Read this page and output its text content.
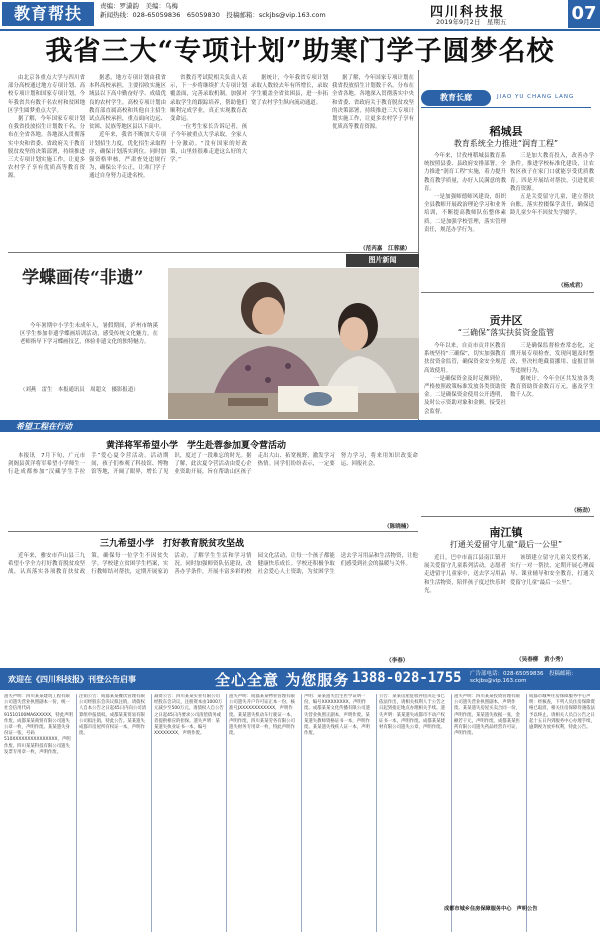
教育帮扶	责编：罗潇韵　美编：乌梅
新闻热线：028-65059836　65059830　投稿邮箱：sckjbs@vip.163.com	四川科技报
2019年9月2日　星期五	07
我省三大“专项计划”助寒门学子圆梦名校

由北京各重点大学与四川省部分高校通过地方专项计划、高校专项计划和国家专项计划，今年我省共有数千名农村和贫困地区学生圆梦重点大学。

据了解，今年国家专项计划在我省投放招生计划数千名，分布在全省各地。各地深入贯彻落实中央和省委、省政府关于教育脱贫攻坚的决策部署，持续推进三大专项计划实施工作，让更多农村学子享有优质高等教育资源。

据悉，地方专项计划由我省本科高校承担，主要招收实施区域县以下高中勤奋好学、成绩优良的农村学生。高校专项计划由教育部直属高校和其他自主招生试点高校承担，重点面向边远、贫困、民族等地区县以下高中。

近年来，我省不断加大专项计划招生力度，优化招生录取程序，确保计划落实到位。同时加强资格审核，严肃查处违规行为，确保公平公正，让寒门学子通过自身努力走进名校。

省教育考试院相关负责人表示，下一步将继续扩大专项计划覆盖面，完善录取机制，加强对录取学生的跟踪培养，帮助他们顺利完成学业，真正实现教育改变命运。

一位考生家长告诉记者，孩子今年被重点大学录取，全家人十分激动。“没有国家的好政策，山里娃很难走进这么好的大学。”

据统计，今年我省专项计划录取人数较去年有所增长，录取学生覆盖全省贫困县，进一步拓宽了农村学生纵向流动通道。

据了解，今年国家专项计划在我省投放招生计划数千名，分布在全省各地。各地深入贯彻落实中央和省委、省政府关于教育脱贫攻坚的决策部署，持续推进三大专项计划实施工作，让更多农村学子享有优质高等教育资源。

（范芮嘉　江蓉涵）
教育长廊	JIAO YU CHANG LANG
稻城县
教育系统全力推进“润育工程”

今年来，甘孜州稻城县教育系统按照县委、县政府安排部署，全力推进“润育工程”实施，着力提升教育教学质量，办好人民满意的教育。

一是加强师德师风建设，组织全县教师开展政治理论学习和业务培训，不断提高教师队伍整体素质。二是加强学校管理，落实管理责任，规范办学行为。

三是加大教育投入，改善办学条件，推进学校标准化建设，让农牧区孩子在家门口就能享受优质教育。四是开展结对帮扶，引进优质教育资源。

五是关爱留守儿童，建立帮扶台账，落实控辍保学责任，确保适龄儿童少年不因贫失学辍学。

（杨成君）
贡井区
“三确保”落实扶贫资金监管

今年以来，自贡市贡井区教育系统坚持“三确保”，切实加强教育扶贫资金监管，确保资金安全规范高效使用。

一是确保资金及时足额到位，严格按照政策标准发放各类资助资金。二是确保资金使用公开透明，及时公示资助对象和金额，接受社会监督。

三是确保监督检查常态化，定期开展专项检查，发现问题及时整改，坚决杜绝截留挪用、虚报冒领等违规行为。

据统计，今年全区共发放各类教育资助资金数百万元，惠及学生数千人次。

（杨劲）
南江镇
打通关爱留守儿童“最后一公里”

近日，巴中市南江县南江镇开展关爱留守儿童系列活动，志愿者走进留守儿童家中，送去学习用品和生活物资，陪伴孩子度过快乐时光。

该镇建立留守儿童关爱档案，实行一对一帮扶，定期开展心理疏导、课业辅导和安全教育，打通关爱留守儿童“最后一公里”。

（吴春柳　黄小秀）
图片新闻
学蝶画传“非遗”

今年暑期中小学生未成年人，暑假期间，泸州市纳溪区学生参加非遗学蝶画培训活动，感受传统文化魅力，在老师指导下学习蝶画技艺，体验非遗文化的独特魅力。

（刘燕　雷生　本报通讯员　周超文　摄影报道）

希望工程在行动
黄洋将军希望小学　学生赴蓉参加夏令营活动

本报讯　7月下旬，广元市剑阁县黄洋将军希望小学师生一行赴成都参加“汉藏学生手拉手”爱心夏令营活动。活动期间，孩子们参观了科技馆、博物馆等地，开阔了眼界，增长了见识，度过了一段难忘的时光。据了解，此次夏令营活动由爱心企业资助开展，旨在帮助山区孩子走出大山、拓宽视野，激发学习热情。同学们纷纷表示，一定要努力学习，将来用知识改变命运、回报社会。

（陈晓楠）
三九希望小学　打好教育脱贫攻坚战

近年来，雅安市芦山县三九希望小学全力打好教育脱贫攻坚战，认真落实各项教育扶贫政策，确保每一位学生不因贫失学。学校建立贫困学生档案，实行教师结对帮扶，定期开展家访活动，了解学生生活和学习情况。同时加强师资队伍建设，改善办学条件，开展丰富多彩的校园文化活动，让每一个孩子都能健康快乐成长。学校还积极争取社会爱心人士资助，为贫困学生送去学习用品和生活物资，让他们感受到社会的温暖与关怀。

（李春）
欢迎在《四川科技报》刊登公告启事	全心全意 为您服务 1388-028-1755 广告部电话：028-65059836　投稿邮箱：sckjbs@vip.163.com
遗失声明：四川某某建筑工程有限公司遗失营业执照副本一份，统一社会信用代码91510100MA6XXXXX，特此声明作废。成都某某商贸有限公司遗失公章一枚，声明作废。某某遗失身份证一张，号码510XXXXXXXXXXXXXXX，声明作废。四川某某科技有限公司遗失发票专用章一枚，声明作废。
注销公告：成都某某餐饮管理有限公司经股东会决议拟注销，请债权人自本公告之日起45日内向公司清算组申报债权。成都某某贸易有限公司拟注销，特此公告。某某遗失成都市房屋所有权证一本，声明作废。
减资公告：四川某某实业有限公司经股东会决议，注册资本由1000万元减少至500万元，请债权人自公告之日起45日内要求公司清偿债务或者提供相应的担保。遗失声明：某某遗失执业证书一本，编号XXXXXXXX，声明作废。
遗失声明：成都某某物业管理有限公司遗失开户许可证正本一份，核准号JXXXXXXXXXXXX，声明作废。某某遗失机动车行驶证一本，声明作废。四川某某劳务有限公司遗失财务专用章一枚，特此声明作废。
声明：某某遗失出生医学证明一份，编号XXXXXXXXX，声明作废。成都某某文化传播有限公司遗失营业执照正副本，声明作废。某某遗失教师资格证书一本，声明作废。某某遗失残疾人证一本，声明作废。
公告：某某房屋征收补偿决定书已依法作出，请相关权利人于公告之日起到指定地点办理相关手续。遗失声明：某某遗失成都市不动产权证书一本，声明作废。成都某某建材有限公司遗失公章，声明作废。
遗失声明：四川某某投资管理有限公司遗失营业执照副本，声明作废。某某遗失房屋买卖合同一份，声明作废。某某遗失收据一张，金额若干元，声明作废。成都某某医药有限公司遗失药品经营许可证，声明作废。
成都市城乡住房保障服务中心声明：经核查，下列人员住房保障资格已取消，相关住房保障待遇依法予以终止。请相关人员自公告之日起十五日内到服务中心办理手续，逾期视为放弃权利，特此公告。
成都市城乡住房保障服务中心　声明公告
